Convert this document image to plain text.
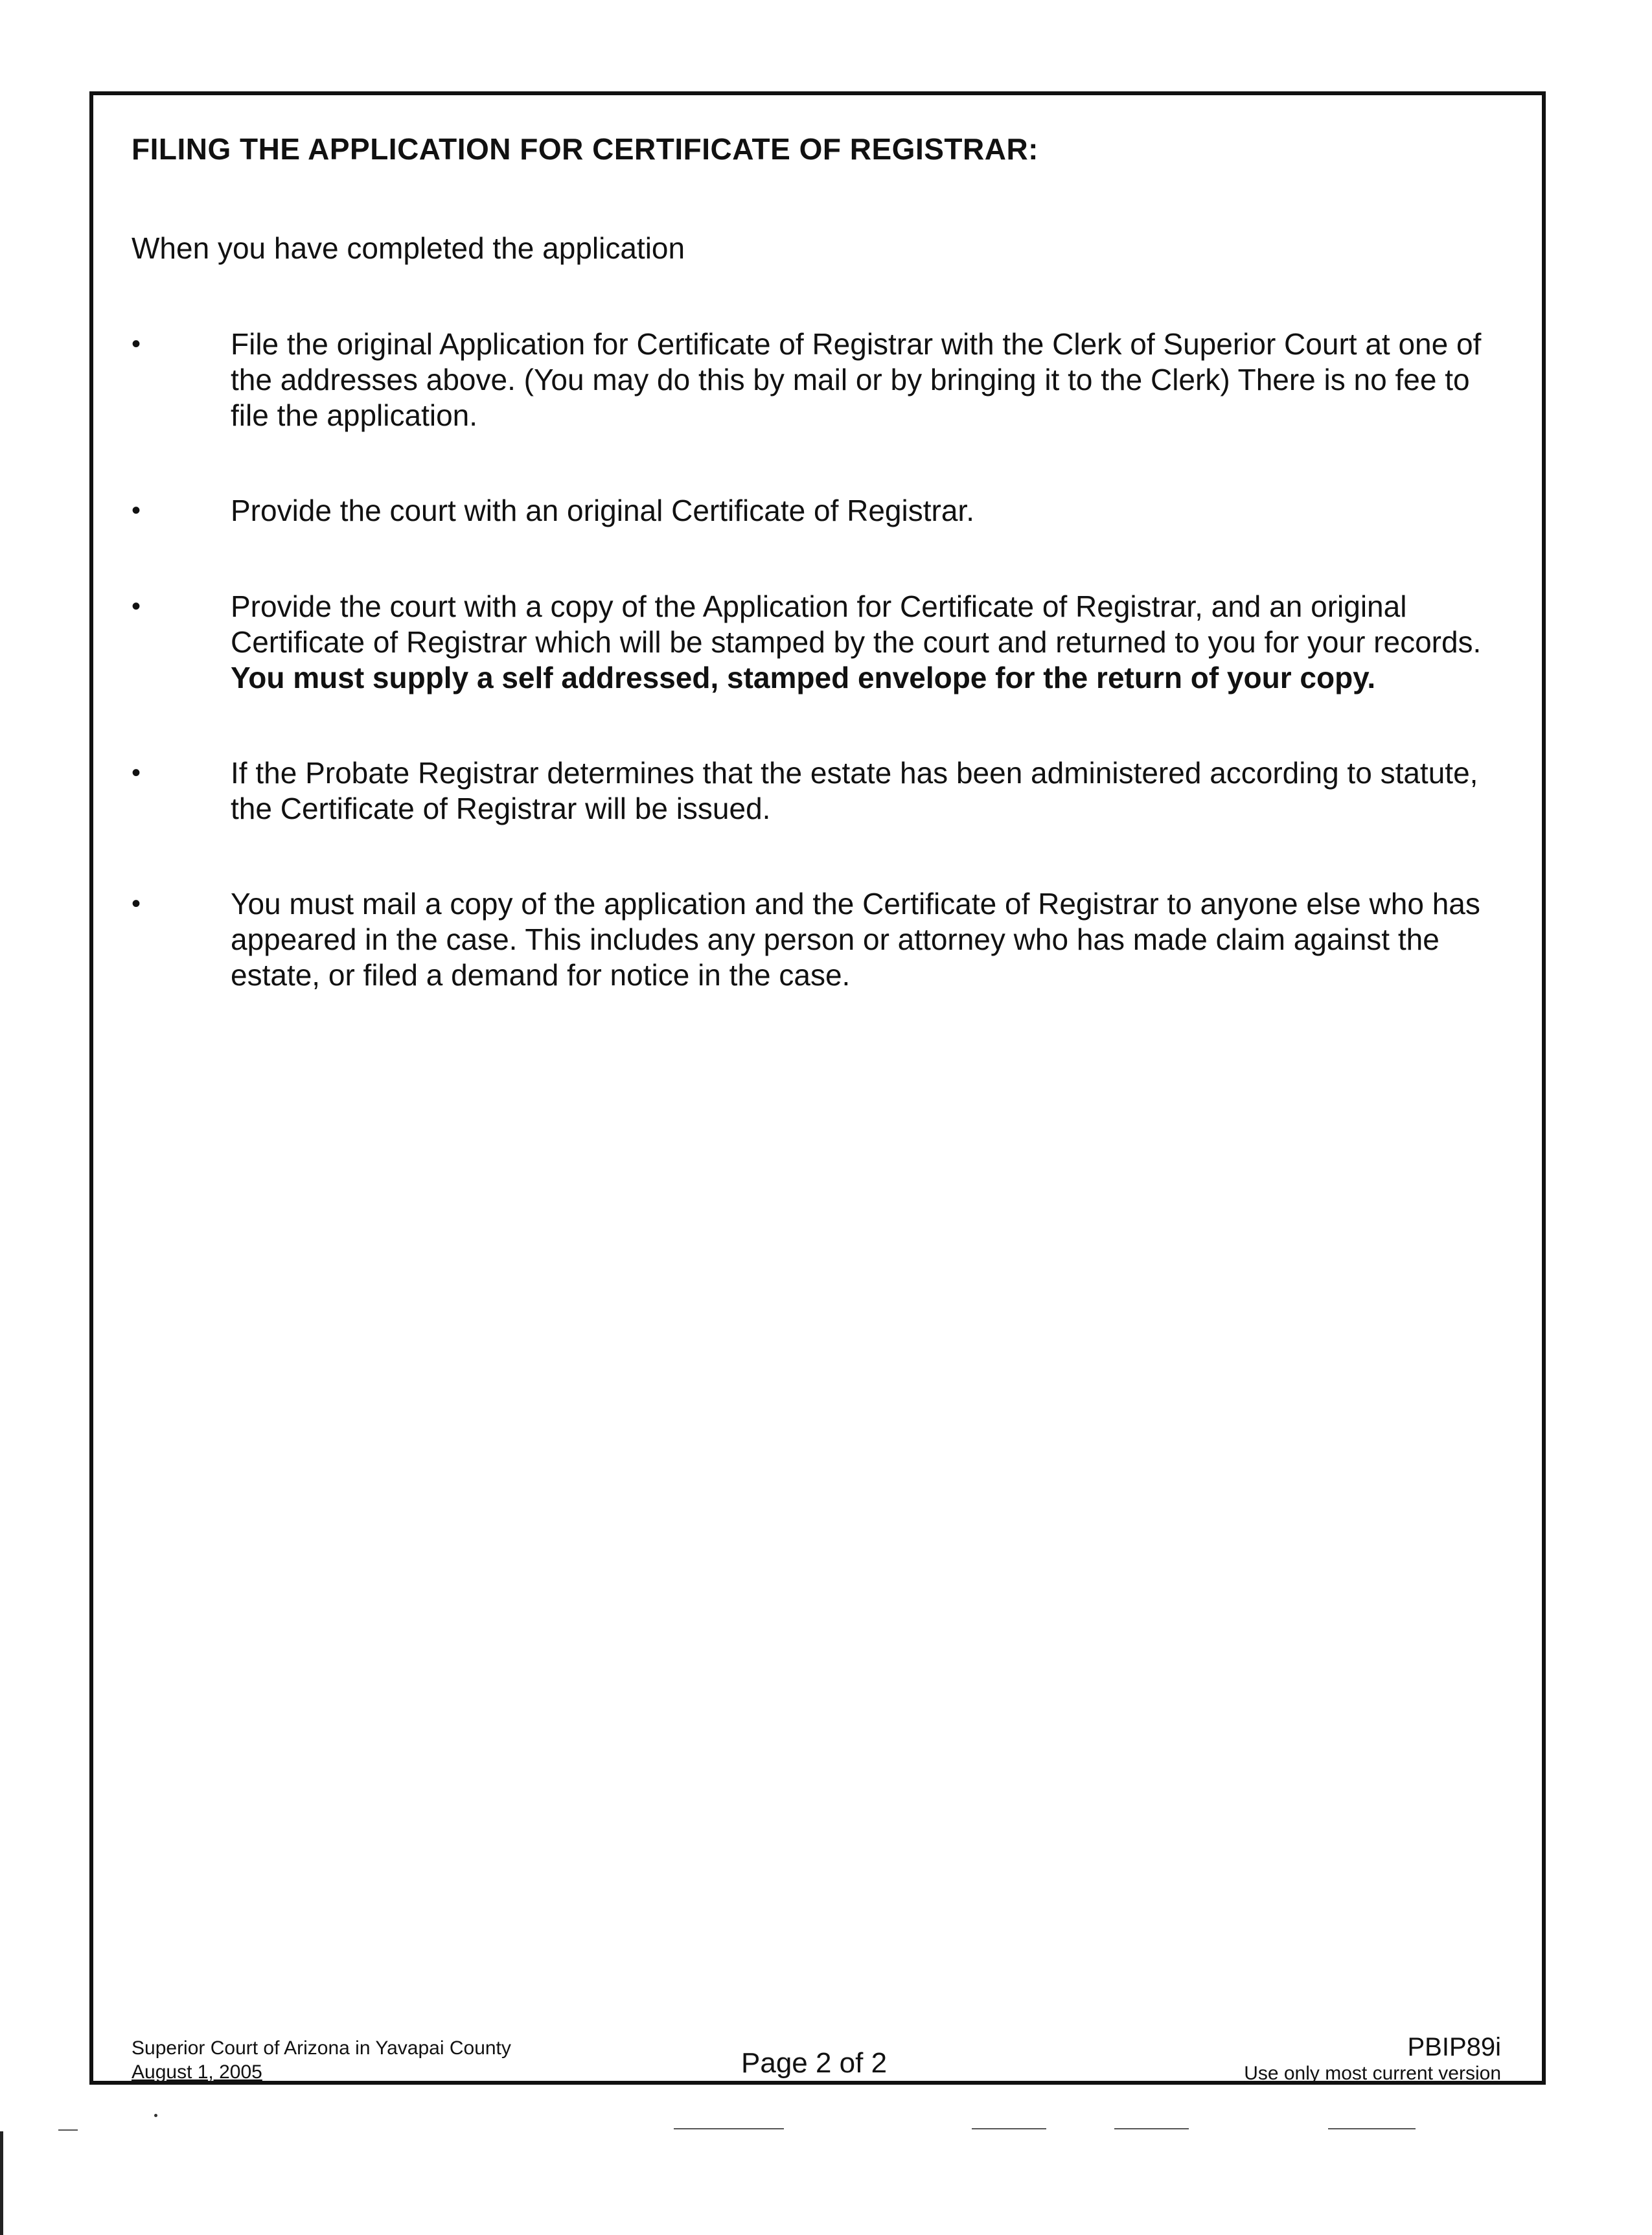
FILING THE APPLICATION FOR CERTIFICATE OF REGISTRAR:
When you have completed the application
•	File the original Application for Certificate of Registrar with the Clerk of Superior Court at one of the addresses above. (You may do this by mail or by bringing it to the Clerk) There is no fee to file the application.
•	Provide the court with an original Certificate of Registrar.
•	Provide the court with a copy of the Application for Certificate of Registrar, and an original Certificate of Registrar which will be stamped by the court and returned to you for your records.
You must supply a self addressed, stamped envelope for the return of your copy.
•	If the Probate Registrar determines that the estate has been administered according to statute, the Certificate of Registrar will be issued.
•	You must mail a copy of the application and the Certificate of Registrar to anyone else who has appeared in the case. This includes any person or attorney who has made claim against the estate, or filed a demand for notice in the case.
Superior Court of Arizona in Yavapai County
August 1, 2005	Page 2 of 2	PBIP89i
Use only most current version
